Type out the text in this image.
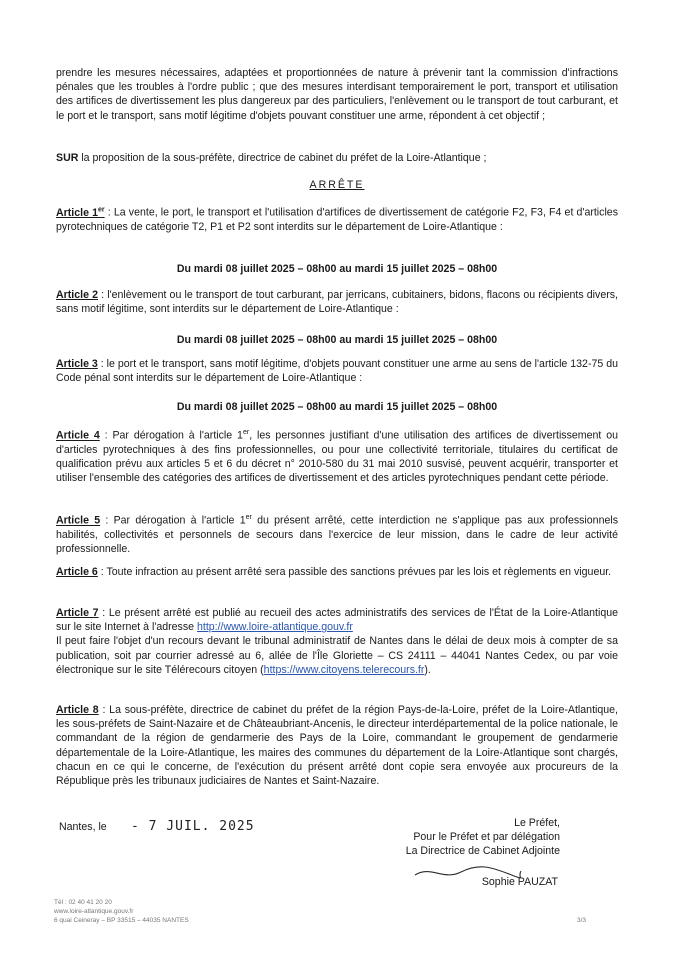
prendre les mesures nécessaires, adaptées et proportionnées de nature à prévenir tant la commission d'infractions pénales que les troubles à l'ordre public ; que des mesures interdisant temporairement le port, transport et utilisation des artifices de divertissement les plus dangereux par des particuliers, l'enlèvement ou le transport de tout carburant, et le port et le transport, sans motif légitime d'objets pouvant constituer une arme, répondent à cet objectif ;

SUR la proposition de la sous-préfète, directrice de cabinet du préfet de la Loire-Atlantique ;

ARRÊTE

Article 1er : La vente, le port, le transport et l'utilisation d'artifices de divertissement de catégorie F2, F3, F4 et d'articles pyrotechniques de catégorie T2, P1 et P2 sont interdits sur le département de Loire-Atlantique :

Du mardi 08 juillet 2025 – 08h00 au mardi 15 juillet 2025 – 08h00

Article 2 : l'enlèvement ou le transport de tout carburant, par jerricans, cubitainers, bidons, flacons ou récipients divers, sans motif légitime, sont interdits sur le département de Loire-Atlantique :

Du mardi 08 juillet 2025 – 08h00 au mardi 15 juillet 2025 – 08h00

Article 3 : le port et le transport, sans motif légitime, d'objets pouvant constituer une arme au sens de l'article 132-75 du Code pénal sont interdits sur le département de Loire-Atlantique :

Du mardi 08 juillet 2025 – 08h00 au mardi 15 juillet 2025 – 08h00

Article 4 : Par dérogation à l'article 1er, les personnes justifiant d'une utilisation des artifices de divertissement ou d'articles pyrotechniques à des fins professionnelles, ou pour une collectivité territoriale, titulaires du certificat de qualification prévu aux articles 5 et 6 du décret n° 2010-580 du 31 mai 2010 susvisé, peuvent acquérir, transporter et utiliser l'ensemble des catégories des artifices de divertissement et des articles pyrotechniques pendant cette période.

Article 5 : Par dérogation à l'article 1er du présent arrêté, cette interdiction ne s'applique pas aux professionnels habilités, collectivités et personnels de secours dans l'exercice de leur mission, dans le cadre de leur activité professionnelle.

Article 6 : Toute infraction au présent arrêté sera passible des sanctions prévues par les lois et règlements en vigueur.

Article 7 : Le présent arrêté est publié au recueil des actes administratifs des services de l'État de la Loire-Atlantique sur le site Internet à l'adresse http://www.loire-atlantique.gouv.fr
Il peut faire l'objet d'un recours devant le tribunal administratif de Nantes dans le délai de deux mois à compter de sa publication, soit par courrier adressé au 6, allée de l'Île Gloriette – CS 24111 – 44041 Nantes Cedex, ou par voie électronique sur le site Télérecours citoyen (https://www.citoyens.telerecours.fr).

Article 8 : La sous-préfète, directrice de cabinet du préfet de la région Pays-de-la-Loire, préfet de la Loire-Atlantique, les sous-préfets de Saint-Nazaire et de Châteaubriant-Ancenis, le directeur interdépartemental de la police nationale, le commandant de la région de gendarmerie des Pays de la Loire, commandant le groupement de gendarmerie départementale de la Loire-Atlantique, les maires des communes du département de la Loire-Atlantique sont chargés, chacun en ce qui le concerne, de l'exécution du présent arrêté dont copie sera envoyée aux procureurs de la République près les tribunaux judiciaires de Nantes et Saint-Nazaire.

Nantes, le - 7 JUIL. 2025	Le Préfet,
Pour le Préfet et par délégation
La Directrice de Cabinet Adjointe
Sophie PAUZAT
Tél : 02 40 41 20 20
www.loire-atlantique.gouv.fr
6 quai Ceineray – BP 33515 – 44035 NANTES	3/3
